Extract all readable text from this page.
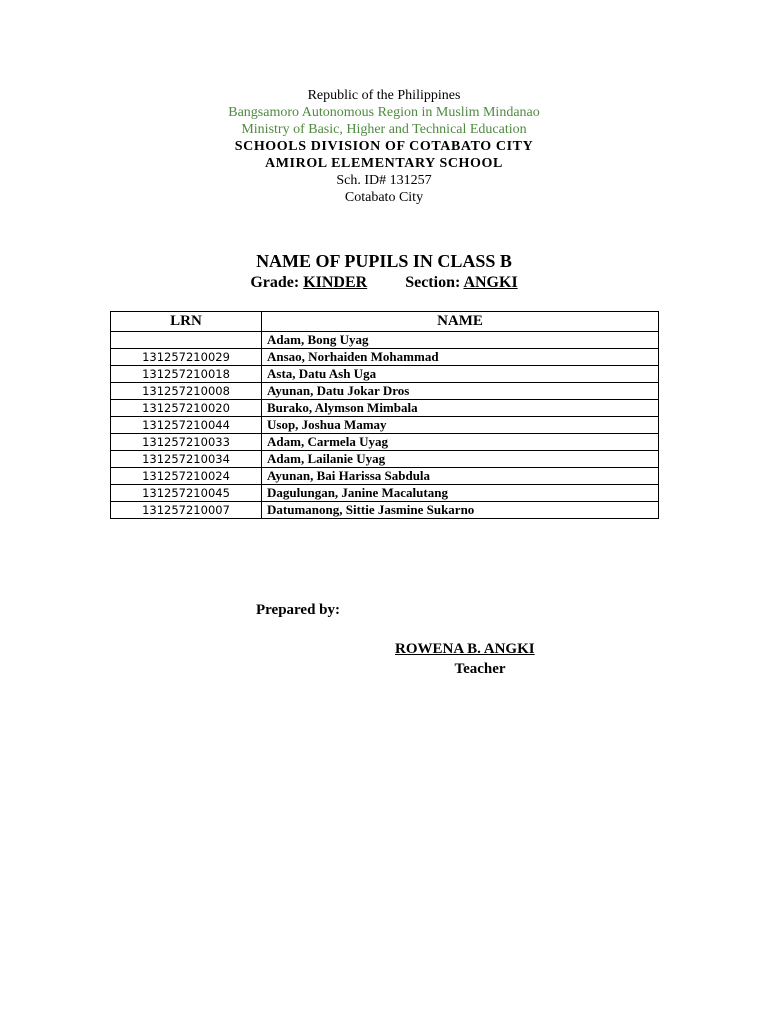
Republic of the Philippines
Bangsamoro Autonomous Region in Muslim Mindanao
Ministry of Basic, Higher and Technical Education
SCHOOLS DIVISION OF COTABATO CITY
AMIROL ELEMENTARY SCHOOL
Sch. ID# 131257
Cotabato City
NAME OF PUPILS IN CLASS B
Grade: KINDER Section: ANGKI
LRN	NAME
	Adam, Bong Uyag
131257210029	Ansao, Norhaiden Mohammad
131257210018	Asta, Datu Ash Uga
131257210008	Ayunan, Datu Jokar Dros
131257210020	Burako, Alymson Mimbala
131257210044	Usop, Joshua Mamay
131257210033	Adam, Carmela Uyag
131257210034	Adam, Lailanie Uyag
131257210024	Ayunan, Bai Harissa Sabdula
131257210045	Dagulungan, Janine Macalutang
131257210007	Datumanong, Sittie Jasmine Sukarno
Prepared by:
ROWENA B. ANGKI
Teacher
